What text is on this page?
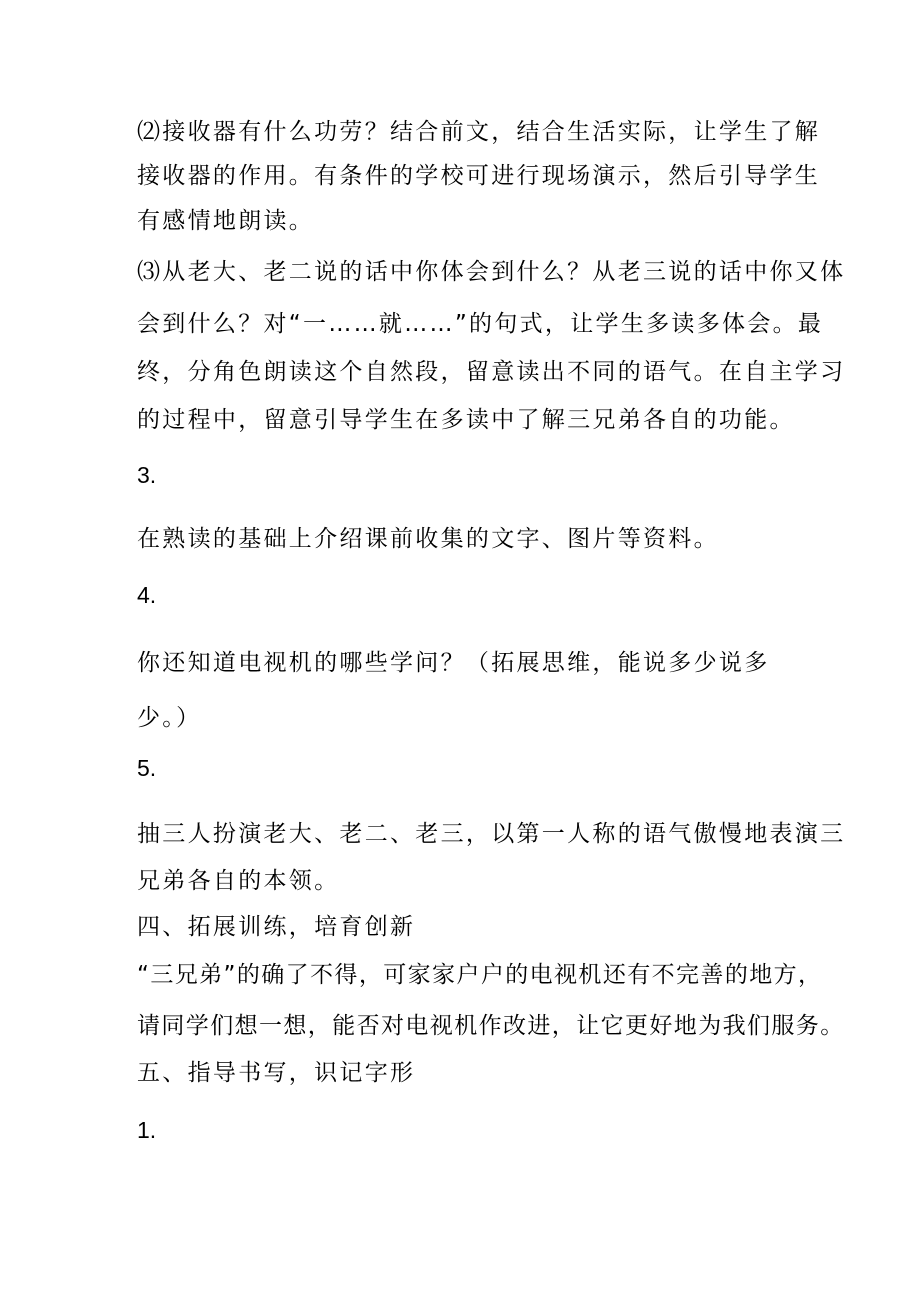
⑵接收器有什么功劳？结合前文，结合生活实际，让学生了解

接收器的作用。有条件的学校可进行现场演示，然后引导学生

有感情地朗读。

⑶从老大、老二说的话中你体会到什么？从老三说的话中你又体

会到什么？对“一……就……”的句式，让学生多读多体会。最

终，分角色朗读这个自然段，留意读出不同的语气。在自主学习

的过程中，留意引导学生在多读中了解三兄弟各自的功能。

3.

在熟读的基础上介绍课前收集的文字、图片等资料。

4.

你还知道电视机的哪些学问？（拓展思维，能说多少说多

少。）

5.

抽三人扮演老大、老二、老三，以第一人称的语气傲慢地表演三

兄弟各自的本领。

四、拓展训练，培育创新

“三兄弟”的确了不得，可家家户户的电视机还有不完善的地方，

请同学们想一想，能否对电视机作改进，让它更好地为我们服务。

五、指导书写，识记字形

1.
